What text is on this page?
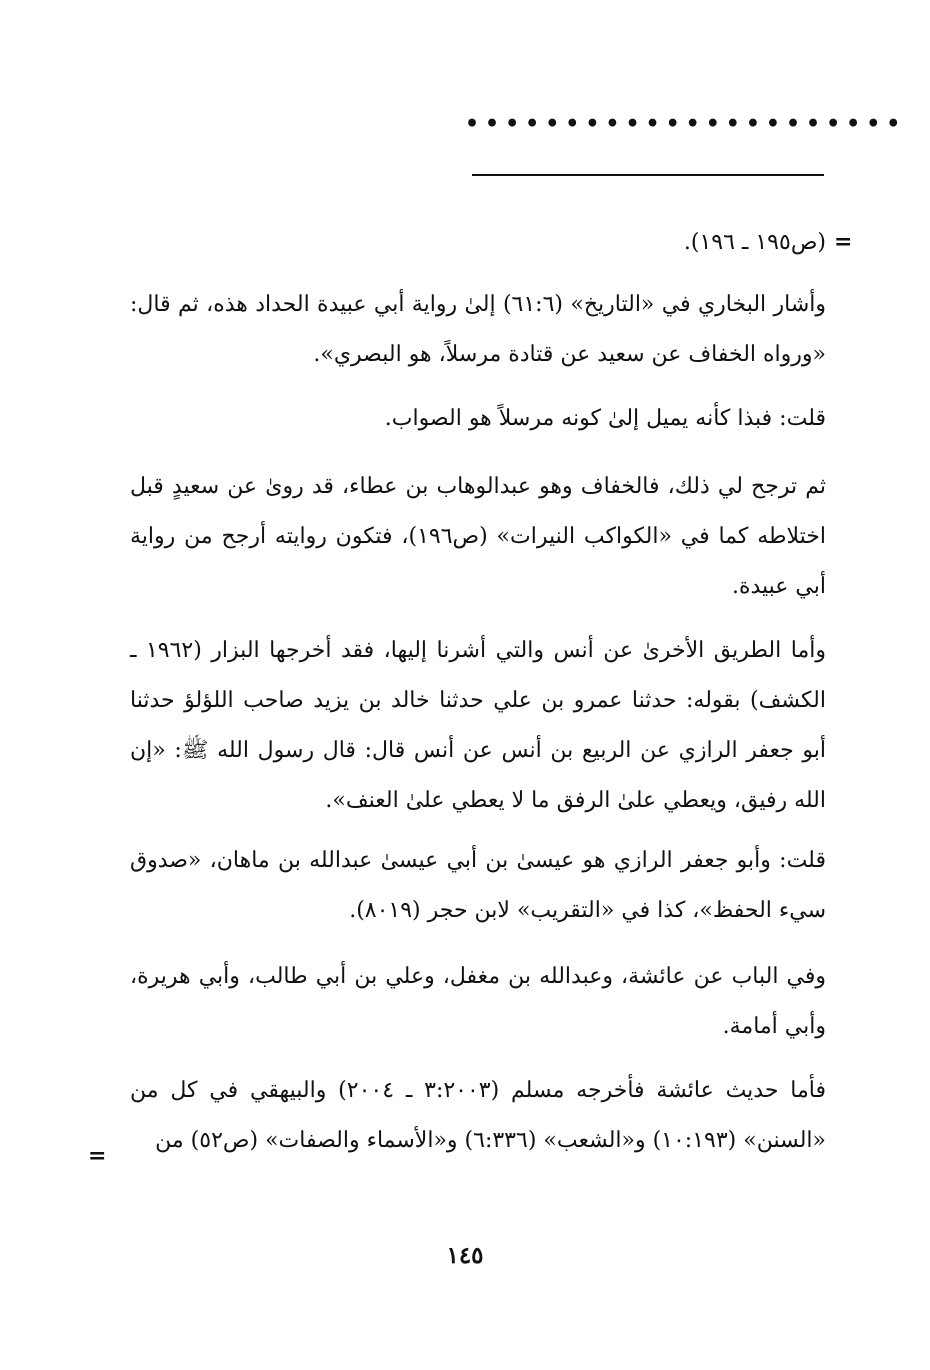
••••••••••••••••••••••
=

(ص١٩٥ ـ ١٩٦).

وأشار البخاري في «التاريخ» (٦١:٦) إلىٰ رواية أبي عبيدة الحداد هذه، ثم قال: «ورواه الخفاف عن سعيد عن قتادة مرسلاً، هو البصري».

قلت: فبذا كأنه يميل إلىٰ كونه مرسلاً هو الصواب.

ثم ترجح لي ذلك، فالخفاف وهو عبدالوهاب بن عطاء، قد روىٰ عن سعيدٍ قبل اختلاطه كما في «الكواكب النيرات» (ص١٩٦)، فتكون روايته أرجح من رواية أبي عبيدة.

وأما الطريق الأخرىٰ عن أنس والتي أشرنا إليها، فقد أخرجها البزار (١٩٦٢ ـ الكشف) بقوله: حدثنا عمرو بن علي حدثنا خالد بن يزيد صاحب اللؤلؤ حدثنا أبو جعفر الرازي عن الربيع بن أنس عن أنس قال: قال رسول الله ﷺ: «إن الله رفيق، ويعطي علىٰ الرفق ما لا يعطي علىٰ العنف».

قلت: وأبو جعفر الرازي هو عيسىٰ بن أبي عيسىٰ عبدالله بن ماهان، «صدوق سيء الحفظ»، كذا في «التقريب» لابن حجر (٨٠١٩).

وفي الباب عن عائشة، وعبدالله بن مغفل، وعلي بن أبي طالب، وأبي هريرة، وأبي أمامة.

فأما حديث عائشة فأخرجه مسلم (٣:٢٠٠٣ ـ ٢٠٠٤) والبيهقي في كل من «السنن» (١٠:١٩٣) و«الشعب» (٦:٣٣٦) و«الأسماء والصفات» (ص٥٢) من

=
١٤٥
